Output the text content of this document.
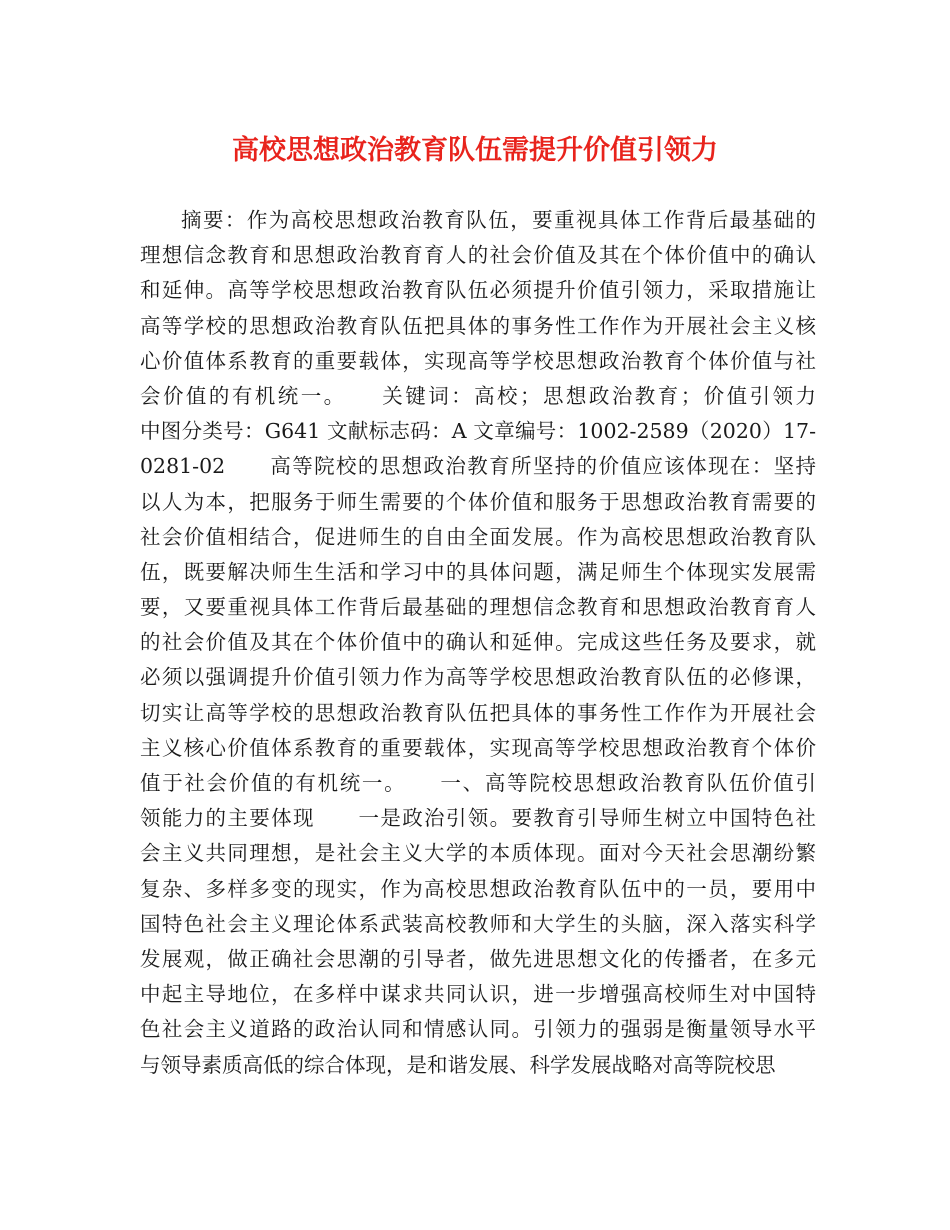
高校思想政治教育队伍需提升价值引领力
摘要：作为高校思想政治教育队伍，要重视具体工作背后最基础的
理想信念教育和思想政治教育育人的社会价值及其在个体价值中的确认
和延伸。高等学校思想政治教育队伍必须提升价值引领力，采取措施让
高等学校的思想政治教育队伍把具体的事务性工作作为开展社会主义核
心价值体系教育的重要载体，实现高等学校思想政治教育个体价值与社
会价值的有机统一。　　关键词：高校；思想政治教育；价值引领力
中图分类号：G641 文献标志码：A 文章编号：1002-2589（2020）17-
0281-02　　高等院校的思想政治教育所坚持的价值应该体现在：坚持
以人为本，把服务于师生需要的个体价值和服务于思想政治教育需要的
社会价值相结合，促进师生的自由全面发展。作为高校思想政治教育队
伍，既要解决师生生活和学习中的具体问题，满足师生个体现实发展需
要，又要重视具体工作背后最基础的理想信念教育和思想政治教育育人
的社会价值及其在个体价值中的确认和延伸。完成这些任务及要求，就
必须以强调提升价值引领力作为高等学校思想政治教育队伍的必修课，
切实让高等学校的思想政治教育队伍把具体的事务性工作作为开展社会
主义核心价值体系教育的重要载体，实现高等学校思想政治教育个体价
值于社会价值的有机统一。　　一、高等院校思想政治教育队伍价值引
领能力的主要体现　　一是政治引领。要教育引导师生树立中国特色社
会主义共同理想，是社会主义大学的本质体现。面对今天社会思潮纷繁
复杂、多样多变的现实，作为高校思想政治教育队伍中的一员，要用中
国特色社会主义理论体系武装高校教师和大学生的头脑，深入落实科学
发展观，做正确社会思潮的引导者，做先进思想文化的传播者，在多元
中起主导地位，在多样中谋求共同认识，进一步增强高校师生对中国特
色社会主义道路的政治认同和情感认同。引领力的强弱是衡量领导水平
与领导素质高低的综合体现，是和谐发展、科学发展战略对高等院校思
